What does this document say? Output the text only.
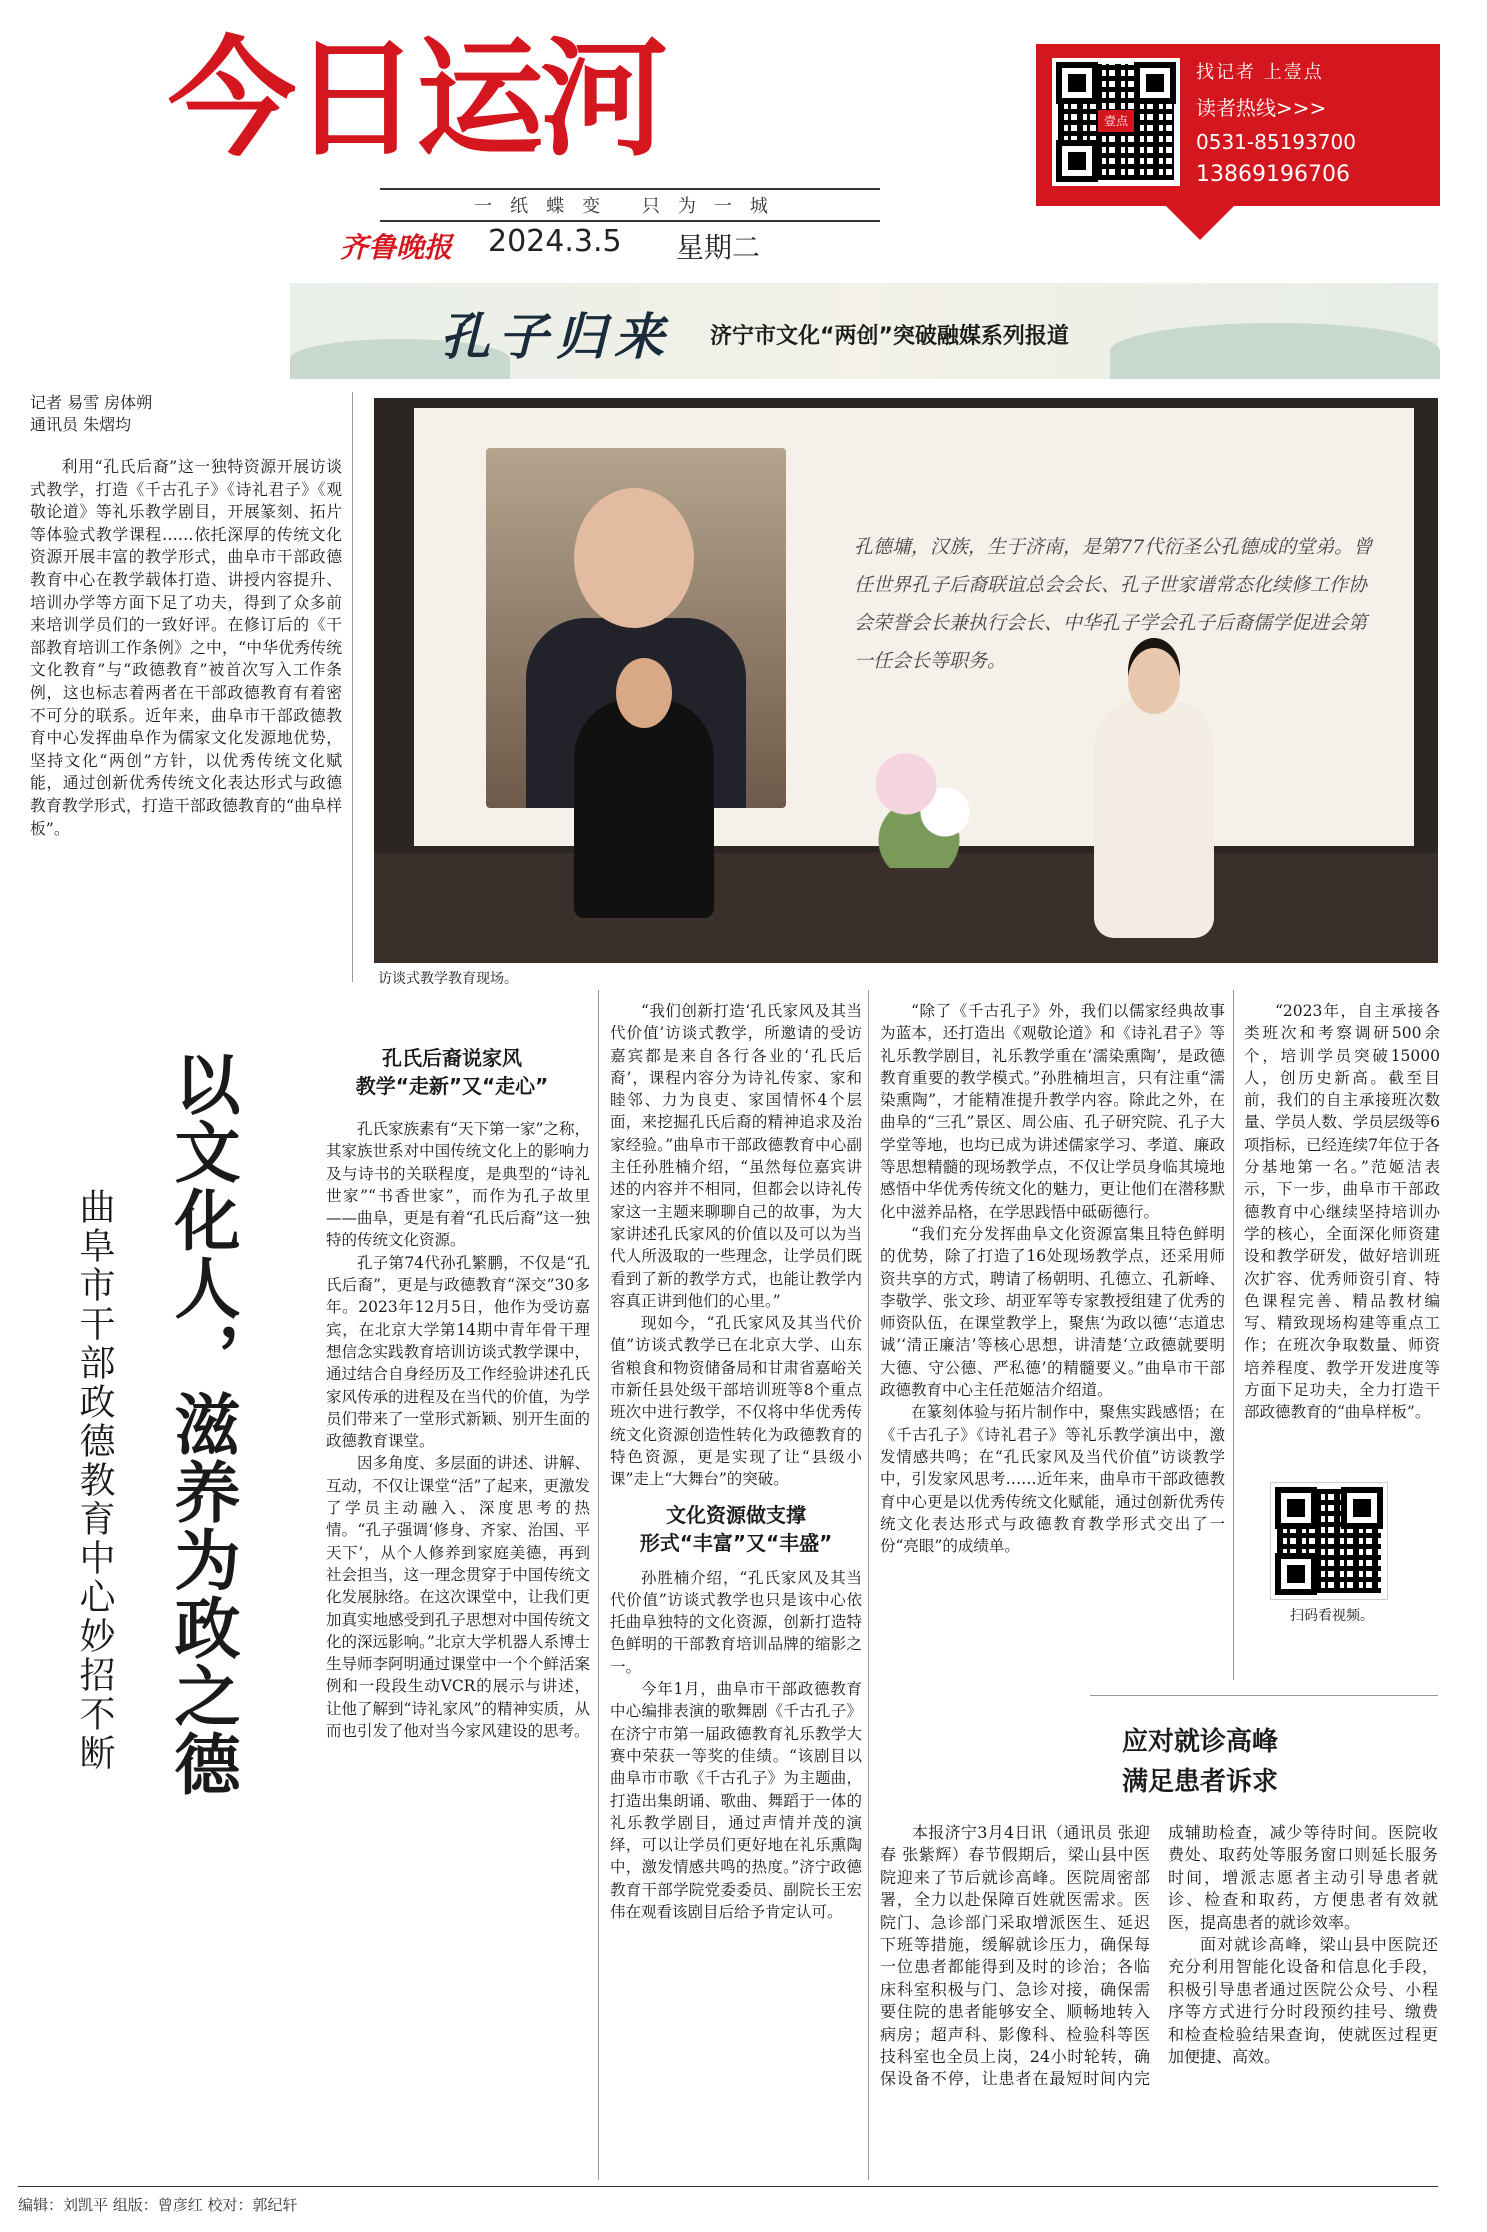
今日运河
一纸蝶变 只为一城
齐鲁晚报 2024.3.5 星期二
壹点
找记者 上壹点
读者热线>>>
0531-85193700
13869196706
孔子归来 济宁市文化“两创”突破融媒系列报道
记者 易雪 房体朔
通讯员 朱熠均

利用“孔氏后裔”这一独特资源开展访谈式教学，打造《千古孔子》《诗礼君子》《观敬论道》等礼乐教学剧目，开展篆刻、拓片等体验式教学课程……依托深厚的传统文化资源开展丰富的教学形式，曲阜市干部政德教育中心在教学载体打造、讲授内容提升、培训办学等方面下足了功夫，得到了众多前来培训学员们的一致好评。在修订后的《干部教育培训工作条例》之中，“中华优秀传统文化教育”与“政德教育”被首次写入工作条例，这也标志着两者在干部政德教育有着密不可分的联系。近年来，曲阜市干部政德教育中心发挥曲阜作为儒家文化发源地优势，坚持文化“两创”方针，以优秀传统文化赋能，通过创新优秀传统文化表达形式与政德教育教学形式，打造干部政德教育的“曲阜样板”。

孔德墉，汉族，生于济南，是第77代衍圣公孔德成的堂弟。曾任世界孔子后裔联谊总会会长、孔子世家谱常态化续修工作协会荣誉会长兼执行会长、中华孔子学会孔子后裔儒学促进会第一任会长等职务。
访谈式教学教育现场。
以文化人，滋养为政之德
曲阜市干部政德教育中心妙招不断
孔氏后裔说家风
教学“走新”又“走心”

孔氏家族素有“天下第一家”之称，其家族世系对中国传统文化上的影响力及与诗书的关联程度，是典型的“诗礼世家”“书香世家”，而作为孔子故里——曲阜，更是有着“孔氏后裔”这一独特的传统文化资源。

孔子第74代孙孔繁鹏，不仅是“孔氏后裔”，更是与政德教育“深交”30多年。2023年12月5日，他作为受访嘉宾，在北京大学第14期中青年骨干理想信念实践教育培训访谈式教学课中，通过结合自身经历及工作经验讲述孔氏家风传承的进程及在当代的价值，为学员们带来了一堂形式新颖、别开生面的政德教育课堂。

因多角度、多层面的讲述、讲解、互动，不仅让课堂“活”了起来，更激发了学员主动融入、深度思考的热情。“孔子强调‘修身、齐家、治国、平天下’，从个人修养到家庭美德，再到社会担当，这一理念贯穿于中国传统文化发展脉络。在这次课堂中，让我们更加真实地感受到孔子思想对中国传统文化的深远影响。”北京大学机器人系博士生导师李阿明通过课堂中一个个鲜活案例和一段段生动VCR的展示与讲述，让他了解到“诗礼家风”的精神实质，从而也引发了他对当今家风建设的思考。

“我们创新打造‘孔氏家风及其当代价值’访谈式教学，所邀请的受访嘉宾都是来自各行各业的‘孔氏后裔’，课程内容分为诗礼传家、家和睦邻、力为良吏、家国情怀4个层面，来挖掘孔氏后裔的精神追求及治家经验。”曲阜市干部政德教育中心副主任孙胜楠介绍，“虽然每位嘉宾讲述的内容并不相同，但都会以诗礼传家这一主题来聊聊自己的故事，为大家讲述孔氏家风的价值以及可以为当代人所汲取的一些理念，让学员们既看到了新的教学方式，也能让教学内容真正讲到他们的心里。”

现如今，“孔氏家风及其当代价值”访谈式教学已在北京大学、山东省粮食和物资储备局和甘肃省嘉峪关市新任县处级干部培训班等8个重点班次中进行教学，不仅将中华优秀传统文化资源创造性转化为政德教育的特色资源，更是实现了让“县级小课”走上“大舞台”的突破。

文化资源做支撑
形式“丰富”又“丰盛”

孙胜楠介绍，“孔氏家风及其当代价值”访谈式教学也只是该中心依托曲阜独特的文化资源，创新打造特色鲜明的干部教育培训品牌的缩影之一。

今年1月，曲阜市干部政德教育中心编排表演的歌舞剧《千古孔子》在济宁市第一届政德教育礼乐教学大赛中荣获一等奖的佳绩。“该剧目以曲阜市市歌《千古孔子》为主题曲，打造出集朗诵、歌曲、舞蹈于一体的礼乐教学剧目，通过声情并茂的演绎，可以让学员们更好地在礼乐熏陶中，激发情感共鸣的热度。”济宁政德教育干部学院党委委员、副院长王宏伟在观看该剧目后给予肯定认可。

“除了《千古孔子》外，我们以儒家经典故事为蓝本，还打造出《观敬论道》和《诗礼君子》等礼乐教学剧目，礼乐教学重在‘濡染熏陶’，是政德教育重要的教学模式。”孙胜楠坦言，只有注重“濡染熏陶”，才能精准提升教学内容。除此之外，在曲阜的“三孔”景区、周公庙、孔子研究院、孔子大学堂等地，也均已成为讲述儒家学习、孝道、廉政等思想精髓的现场教学点，不仅让学员身临其境地感悟中华优秀传统文化的魅力，更让他们在潜移默化中滋养品格，在学思践悟中砥砺德行。

“我们充分发挥曲阜文化资源富集且特色鲜明的优势，除了打造了16处现场教学点，还采用师资共享的方式，聘请了杨朝明、孔德立、孔新峰、李敬学、张文珍、胡亚军等专家教授组建了优秀的师资队伍，在课堂教学上，聚焦‘为政以德’‘志道忠诚’‘清正廉洁’等核心思想，讲清楚‘立政德就要明大德、守公德、严私德’的精髓要义。”曲阜市干部政德教育中心主任范姬洁介绍道。

在篆刻体验与拓片制作中，聚焦实践感悟；在《千古孔子》《诗礼君子》等礼乐教学演出中，激发情感共鸣；在“孔氏家风及当代价值”访谈教学中，引发家风思考……近年来，曲阜市干部政德教育中心更是以优秀传统文化赋能，通过创新优秀传统文化表达形式与政德教育教学形式交出了一份“亮眼”的成绩单。

“2023年，自主承接各类班次和考察调研500余个，培训学员突破15000人，创历史新高。截至目前，我们的自主承接班次数量、学员人数、学员层级等6项指标，已经连续7年位于各分基地第一名。”范姬洁表示，下一步，曲阜市干部政德教育中心继续坚持培训办学的核心，全面深化师资建设和教学研发，做好培训班次扩容、优秀师资引育、特色课程完善、精品教材编写、精致现场构建等重点工作；在班次争取数量、师资培养程度、教学开发进度等方面下足功夫，全力打造干部政德教育的“曲阜样板”。

扫码看视频。
应对就诊高峰
满足患者诉求

本报济宁3月4日讯（通讯员 张迎春 张紫辉）春节假期后，梁山县中医院迎来了节后就诊高峰。医院周密部署，全力以赴保障百姓就医需求。医院门、急诊部门采取增派医生、延迟下班等措施，缓解就诊压力，确保每一位患者都能得到及时的诊治；各临床科室积极与门、急诊对接，确保需要住院的患者能够安全、顺畅地转入病房；超声科、影像科、检验科等医技科室也全员上岗，24小时轮转，确保设备不停，让患者在最短时间内完成辅助检查，减少等待时间。医院收费处、取药处等服务窗口则延长服务时间，增派志愿者主动引导患者就诊、检查和取药，方便患者有效就医，提高患者的就诊效率。

面对就诊高峰，梁山县中医院还充分利用智能化设备和信息化手段，积极引导患者通过医院公众号、小程序等方式进行分时段预约挂号、缴费和检查检验结果查询，使就医过程更加便捷、高效。

编辑：刘凯平 组版：曾彦红 校对：郭纪轩
